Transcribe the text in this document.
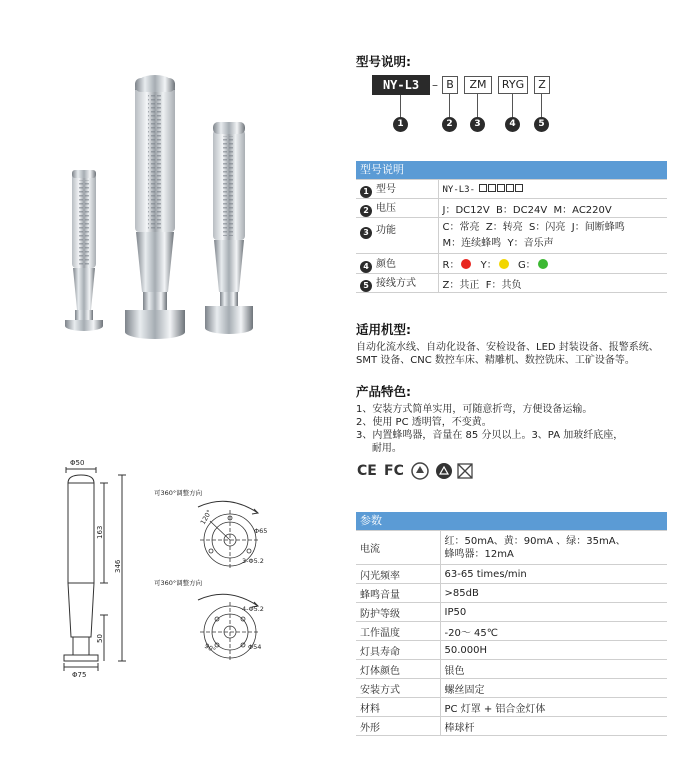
型号说明:
NY-L3	– B	ZM	RYG	Z
1	2	3	4	5
型号说明
1 型号	NY-L3-
2 电压	J：DC12V  B：DC24V  M：AC220V
3 功能	C：常亮  Z：转亮  S：闪亮  J：间断蜂鸣
M：连续蜂鸣  Y：音乐声

4 颜色	R： Y： G：
5 接线方式	Z：共正  F：共负
适用机型:
自动化流水线、自动化设备、安检设备、LED 封装设备、报警系统、
SMT 设备、CNC 数控车床、精雕机、数控铣床、工矿设备等。
产品特色:
1、安装方式简单实用，可随意折弯，方便设备运输。
2、使用 PC 透明管，不变黄。
3、内置蜂鸣器，音量在 85 分贝以上。3、PA 加玻纤底座，
耐用。
CE FC
参数
电流	红：50mA、黄：90mA 、绿：35mA、
蜂鸣器：12mA

闪光频率	63-65 times/min
蜂鸣音量	>85dB
防护等级	IP50
工作温度	-20～ 45℃
灯具寿命	50.000H
灯体颜色	银色
安装方式	螺丝固定
材料	PC 灯罩 + 铝合金灯体
外形	棒球杆
Φ50
163
346
50
Φ75
可360°调整方向
120°
Φ65
3-Φ5.2
可360°调整方向
4-Φ5.2
90°	Φ54
